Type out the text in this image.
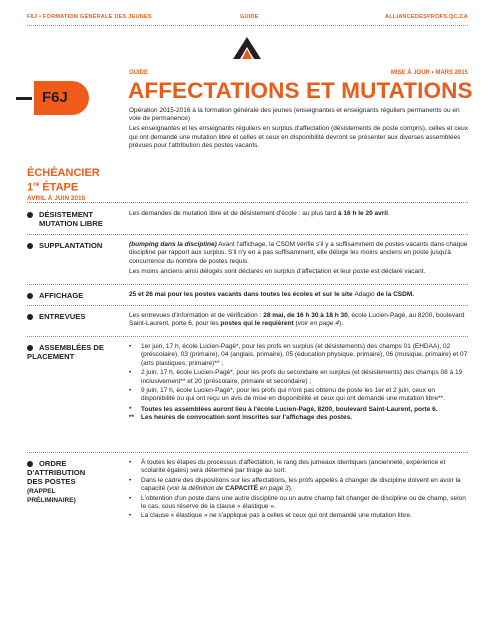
F6J • FORMATION GÉNÉRALE DES JEUNES	GUIDE	ALLIANCEDESPROFS.QC.CA
F6J
GUIDE	MISE À JOUR • MARS 2015
AFFECTATIONS ET MUTATIONS

Opération 2015-2016 à la formation générale des jeunes (enseignantes et enseignants réguliers permanents ou en voie de permanence)

Les enseignantes et les enseignants réguliers en surplus d'affectation (désistements de poste compris), celles et ceux qui ont demandé une mutation libre et celles et ceux en disponibilité devront se présenter aux diverses assemblées prévues pour l'attribution des postes vacants.

ÉCHÉANCIER
1re ÉTAPE
AVRIL À JUIN 2015
DÉSISTEMENT
MUTATION LIBRE

Les demandes de mutation libre et de désistement d'école : au plus tard à 16 h le 20 avril.

SUPPLANTATION	(bumping dans la discipline) Avant l'affichage, la CSDM vérifie s'il y a suffisamment de postes vacants dans chaque discipline par rapport aux surplus. S'il n'y en a pas suffisamment, elle déloge les moins anciens en poste jusqu'à concurrence du nombre de postes requis.

Les moins anciens ainsi délogés sont déclarés en surplus d'affectation et leur poste est déclaré vacant.

AFFICHAGE	25 et 26 mai pour les postes vacants dans toutes les écoles et sur le site Adagio de la CSDM.

ENTREVUES	Les entrevues d'information et de vérification : 28 mai, de 16 h 30 à 18 h 30, école Lucien-Pagé, au 8200, boulevard Saint-Laurent, porte 6, pour les postes qui le requièrent (voir en page 4).

ASSEMBLÉES DE
PLACEMENT
• 1er juin, 17 h, école Lucien-Pagé*, pour les profs en surplus (et désistements) des champs 01 (EHDAA), 02 (préscolaire), 03 (primaire), 04 (anglais, primaire), 05 (éducation physique, primaire), 06 (musique, primaire) et 07 (arts plastiques, primaire)** ;
• 2 juin, 17 h, école Lucien-Pagé*, pour les profs du secondaire en surplus (et désistements) des champs 08 à 19 inclusivement** et 20 (préscolaire, primaire et secondaire) ;
• 9 juin, 17 h, école Lucien-Pagé*, pour les profs qui n'ont pas obtenu de poste les 1er et 2 juin, ceux en disponibilité ou qui ont reçu un avis de mise en disponibilité et ceux qui ont demandé une mutation libre**.
* Toutes les assemblées auront lieu à l'école Lucien-Pagé, 8200, boulevard Saint-Laurent, porte 6.
** Les heures de convocation sont inscrites sur l'affichage des postes.
ORDRE
D'ATTRIBUTION
DES POSTES
(RAPPEL
PRÉLIMINAIRE)
• À toutes les étapes du processus d'affectation, le rang des jumeaux identiques (ancienneté, expérience et scolarité égales) sera déterminé par tirage au sort.
• Dans le cadre des dispositions sur les affectations, les profs appelés à changer de discipline doivent en avoir la capacité (voir la définition de CAPACITÉ en page 3).
• L'obtention d'un poste dans une autre discipline ou un autre champ fait changer de discipline ou de champ, selon le cas, sous réserve de la clause « élastique ».
• La clause « élastique » ne s'applique pas à celles et ceux qui ont demandé une mutation libre.
